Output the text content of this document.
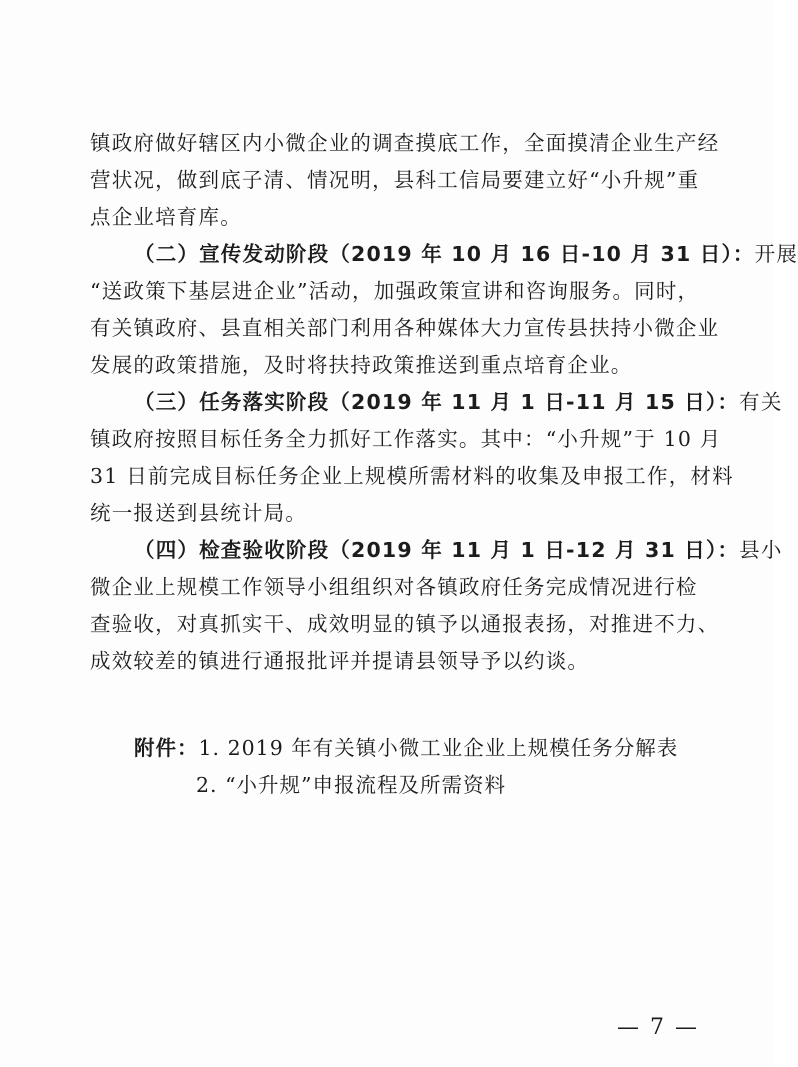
镇政府做好辖区内小微企业的调查摸底工作，全面摸清企业生产经
营状况，做到底子清、情况明，县科工信局要建立好“小升规”重
点企业培育库。
（二）宣传发动阶段（2019 年 10 月 16 日-10 月 31 日）：开展
“送政策下基层进企业”活动，加强政策宣讲和咨询服务。同时，
有关镇政府、县直相关部门利用各种媒体大力宣传县扶持小微企业
发展的政策措施，及时将扶持政策推送到重点培育企业。
（三）任务落实阶段（2019 年 11 月 1 日-11 月 15 日）：有关
镇政府按照目标任务全力抓好工作落实。其中：“小升规”于 10 月
31 日前完成目标任务企业上规模所需材料的收集及申报工作，材料
统一报送到县统计局。
（四）检查验收阶段（2019 年 11 月 1 日-12 月 31 日）：县小
微企业上规模工作领导小组组织对各镇政府任务完成情况进行检
查验收，对真抓实干、成效明显的镇予以通报表扬，对推进不力、
成效较差的镇进行通报批评并提请县领导予以约谈。
附件：1. 2019 年有关镇小微工业企业上规模任务分解表
2. “小升规”申报流程及所需资料
— 7 —
